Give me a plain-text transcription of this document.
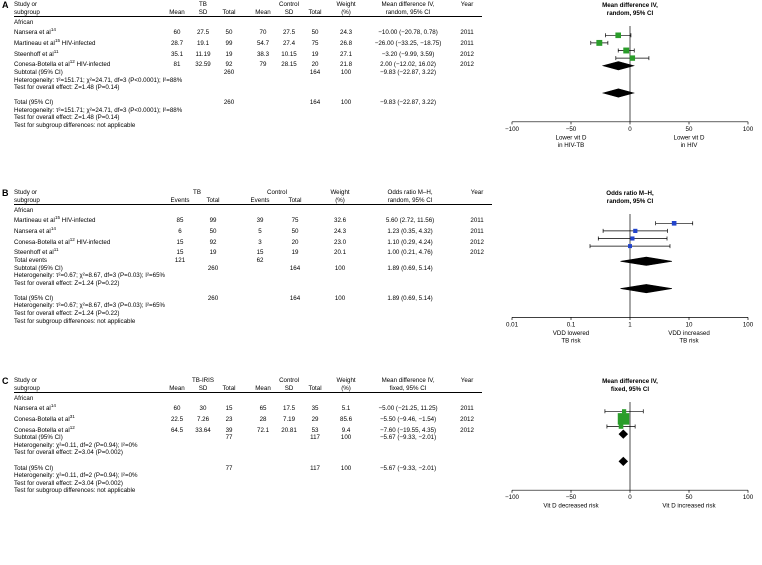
A Study or	TB				Control			Weight	Mean difference IV,	Year
subgroup	Mean	SD	Total		Mean	SD	Total	(%)	random, 95% CI	
African										
Nansera et $al^{14}$	60	27.5	50		70	27.5	50	24.3	−10.00 (−20.78, 0.78)	2011
Martineau et $al^{15}$ HIV-infected	28.7	19.1	99		54.7	27.4	75	26.8	−26.00 (−33.25, −18.75)	2011
Steenhoff et $al^{11}$	35.1	11.19	19		38.3	10.15	19	27.1	−3.20 (−9.99, 3.59)	2012
Conesa-Botella et $al^{12}$ HIV-infected	81	32.59	92		79	28.15	20	21.8	2.00 (−12.02, 16.02)	2012
Subtotal (95% CI)			260				164	100	−9.83 (−22.87, 3.22)	
Heterogeneity: τ²=151.71; χ²=24.71, df=3 (P<0.0001); I²=88%										
Test for overall effect: Z=1.48 (P=0.14)										

Total (95% CI)			260				164	100	−9.83 (−22.87, 3.22)	
Heterogeneity: τ²=151.71; χ²=24.71, df=3 (P<0.0001); I²=88%										
Test for overall effect: Z=1.48 (P=0.14)										
Test for subgroup differences: not applicable										
Mean difference IV,
random, 95% CI
−100	−50	0	50	100
Lower vit D
in HIV-TB
Lower vit D
in HIV
B Study or	TB			Control			Weight	Odds ratio M–H,	Year
subgroup	Events	Total		Events	Total		(%)	random, 95% CI	
African									
Martineau et $al^{15}$ HIV-infected	85	99		39	75		32.6	5.60 (2.72, 11.56)	2011
Nansera et $al^{14}$	6	50		5	50		24.3	1.23 (0.35, 4.32)	2011
Conesa-Botella et $al^{12}$ HIV-infected	15	92		3	20		23.0	1.10 (0.29, 4.24)	2012
Steenhoff et $al^{11}$	15	19		15	19		20.1	1.00 (0.21, 4.76)	2012
Total events	121			62					
Subtotal (95% CI)		260			164		100	1.89 (0.69, 5.14)	
Heterogeneity: τ²=0.67; χ²=8.67, df=3 (P=0.03); I²=65%									
Test for overall effect: Z=1.24 (P=0.22)									

Total (95% CI)		260			164		100	1.89 (0.69, 5.14)	
Heterogeneity: τ²=0.67; χ²=8.67, df=3 (P=0.03); I²=65%									
Test for overall effect: Z=1.24 (P=0.22)									
Test for subgroup differences: not applicable									
Odds ratio M–H,
random, 95% CI
0.01	0.1	1	10	100
VDD lowered
TB risk
VDD increased
TB risk
C Study or	TB-IRIS				Control			Weight	Mean difference IV,	Year
subgroup	Mean	SD	Total		Mean	SD	Total	(%)	fixed, 95% CI	
African										
Nansera et $al^{14}$	60	30	15		65	17.5	35	5.1	−5.00 (−21.25, 11.25)	2011
Conesa-Botella et $al^{31}$	22.5	7.26	23		28	7.19	29	85.6	−5.50 (−9.46, −1.54)	2012
Conesa-Botella et $al^{12}$	64.5	33.64	39		72.1	20.81	53	9.4	−7.60 (−19.55, 4.35)	2012
Subtotal (95% CI)			77				117	100	−5.67 (−9.33, −2.01)	
Heterogeneity: χ²=0.11, df=2 (P=0.94); I²=0%										
Test for overall effect: Z=3.04 (P=0.002)										

Total (95% CI)			77				117	100	−5.67 (−9.33, −2.01)	
Heterogeneity: χ²=0.11, df=2 (P=0.94); I²=0%										
Test for overall effect: Z=3.04 (P=0.002)										
Test for subgroup differences: not applicable										
Mean difference IV,
fixed, 95% CI
−100	−50	0	50	100
Vit D decreased risk	Vit D increased risk
